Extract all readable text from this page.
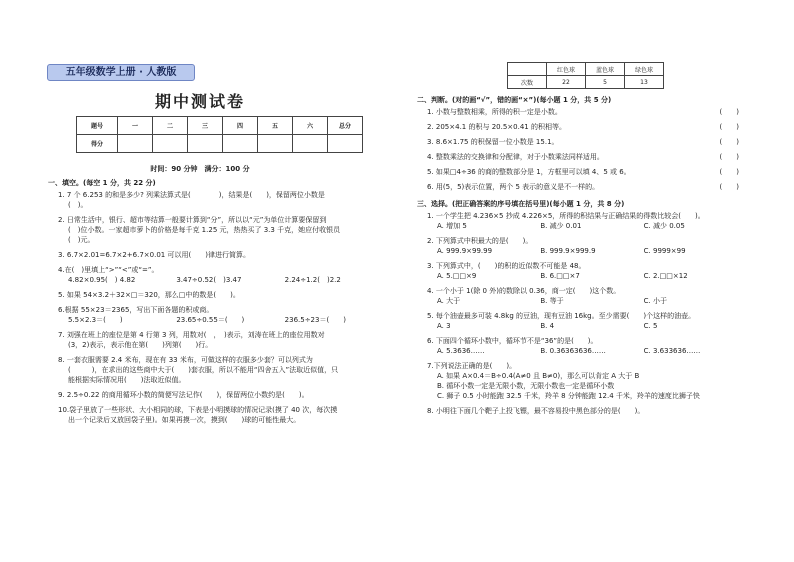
五年级数学上册 · 人教版
期中测试卷
题号	一	二	三	四	五	六	总分
得分							
时间：90 分钟　满分：100 分
	红色球	蓝色球	绿色球
次数	22	5	13
一、填空。(每空 1 分，共 22 分)
1. 7 个 6.253 的和是多少? 列乘法算式是(　　　　)，结果是(　　)，保留两位小数是
(　)。
2. 日常生活中，银行、超市等结算一般要计算到“分”，所以以“元”为单位计算要保留到
(　)位小数。一家超市萝卜的价格是每千克 1.25 元，热热买了 3.3 千克，她应付收银员
(　)元。
3. 6.7×2.01=6.7×2+6.7×0.01 可以用(　　)律进行简算。
4.在(　)里填上“>”“<”或“=”。
4.82×0.95(　) 4.82	3.47÷0.52(　)3.47	2.24÷1.2(　)2.2
5. 如果 54×3.2＋32×□＝320，那么□中的数是(　　)。
6.根据 55×23＝2365，写出下面各题的积或商。
5.5×2.3＝(　　)	23.65÷0.55＝(　　)	236.5÷23＝(　　)
7. 刘强在班上的座位是第 4 行第 3 列，用数对(　，　)表示，刘涛在班上的座位用数对
(3，2)表示，表示他在第(　　)列第(　　)行。
8. 一套衣服需要 2.4 米布，现在有 33 米布，可做这样的衣服多少套？可以列式为
(　　　)，在求出的这些商中大于(　　)套衣服，所以不能用“四舍五入”法取近似值，只
能根据实际情况用(　　)法取近似值。
9. 2.5÷0.22 的商用循环小数的简便写法记作(　　)，保留两位小数约是(　　)。
10.袋子里放了一些形状、大小相同的球，下表是小明摸球的情况记录(摸了 40 次，每次摸
出一个记录后又放回袋子里)。如果再摸一次，摸到(　　)球的可能性最大。
二、判断。(对的画“√”，错的画“×”)(每小题 1 分，共 5 分)
1. 小数与整数相乘，所得的积一定是小数。	(　　)
2. 205×4.1 的积与 20.5×0.41 的积相等。	(　　)
3. 8.6×1.75 的积保留一位小数是 15.1。	(　　)
4. 整数乘法的交换律和分配律，对于小数乘法同样适用。	(　　)
5. 如果□4÷36 的商的整数部分是 1，方框里可以填 4、5 或 6。	(　　)
6. 用(5，5)表示位置，两个 5 表示的意义是不一样的。	(　　)
三、选择。(把正确答案的序号填在括号里)(每小题 1 分，共 8 分)
1. 一个学生把 4.236×5 抄成 4.226×5，所得的积结果与正确结果的得数比较会(　　)。
A. 增加 5	B. 减少 0.01	C. 减少 0.05
2. 下列算式中积最大的是(　　)。
A. 999.9×99.99	B. 999.9×999.9	C. 9999×99
3. 下列算式中，(　　)的积的近似数不可能是 48。
A. 5.□□×9	B. 6.□□×7	C. 2.□□×12
4. 一个小于 1(除 0 外)的数除以 0.36，商一定(　　)这个数。
A. 大于	B. 等于	C. 小于
5. 每个油壶最多可装 4.8kg 的豆油，现有豆油 16kg。至少需要(　　)个这样的油壶。
A. 3	B. 4	C. 5
6. 下面四个循环小数中，循环节不是“36”的是(　　)。
A. 5.3636……	B. 0.36363636……	C. 3.633636……
7.下列说法正确的是(　　)。
A. 如果 A×0.4＝B÷0.4(A≠0 且 B≠0)，那么可以肯定 A 大于 B
B. 循环小数一定是无限小数，无限小数也一定是循环小数
C. 狮子 0.5 小时能跑 32.5 千米，羚羊 8 分钟能跑 12.4 千米，羚羊的速度比狮子快
8. 小明往下面几个靶子上投飞镖，最不容易投中黑色部分的是(　　)。
